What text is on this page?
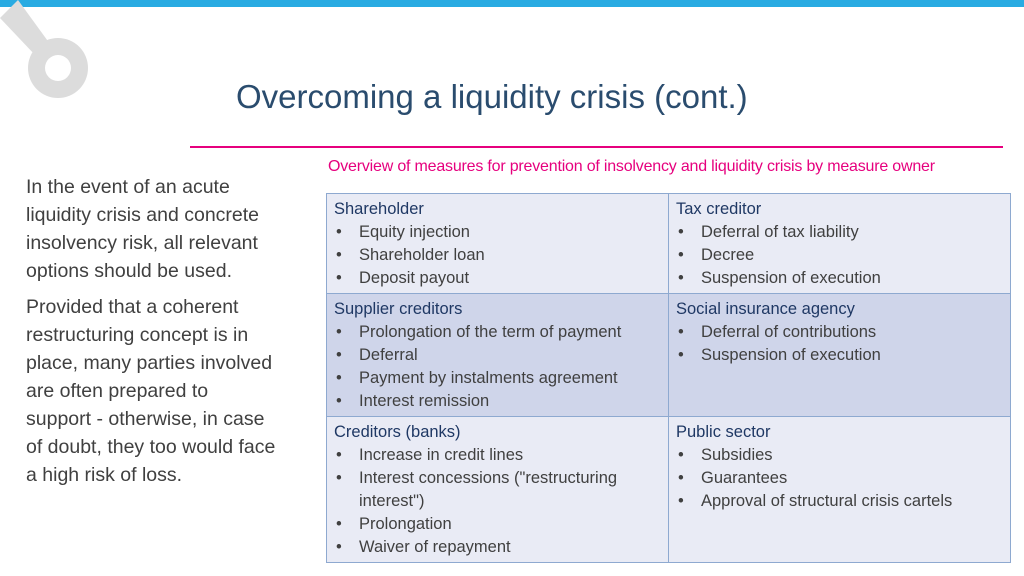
Overcoming a liquidity crisis (cont.)

In the event of an acute liquidity crisis and concrete insolvency risk, all relevant options should be used.

Provided that a coherent restructuring concept is in place, many parties involved are often prepared to support - otherwise, in case of doubt, they too would face a high risk of loss.

Overview of measures for prevention of insolvency and liquidity crisis by measure owner

Shareholder

• Equity injection
• Shareholder loan
• Deposit payout

Tax creditor

• Deferral of tax liability
• Decree
• Suspension of execution

Supplier creditors

• Prolongation of the term of payment
• Deferral
• Payment by instalments agreement
• Interest remission

Social insurance agency

• Deferral of contributions
• Suspension of execution

Creditors (banks)

• Increase in credit lines
• Interest concessions ("restructuring interest")
• Prolongation
• Waiver of repayment

Public sector

• Subsidies
• Guarantees
• Approval of structural crisis cartels
